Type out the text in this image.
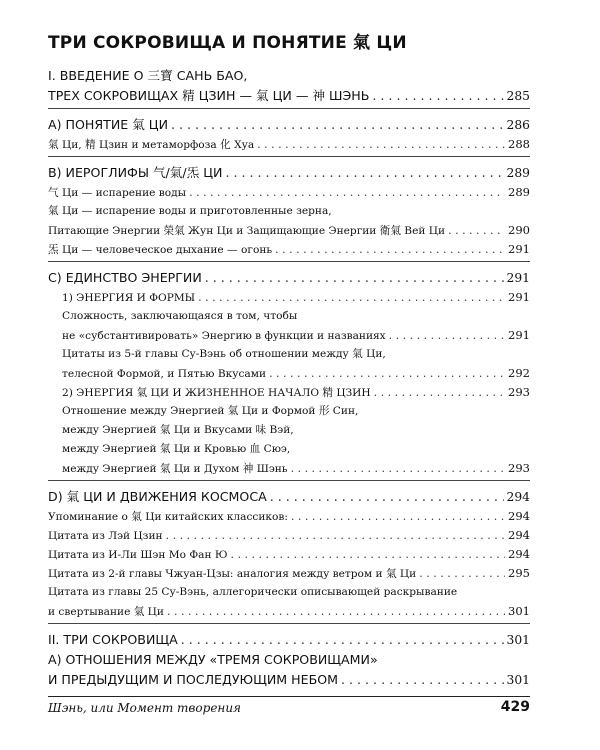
ТРИ СОКРОВИЩА И ПОНЯТИЕ 氣 ЦИ
I. ВВЕДЕНИЕ О 三寶 САНЬ БАО,
ТРЕХ СОКРОВИЩАХ 精 ЦЗИН — 氣 ЦИ — 神 ШЭНЬ . . .	285
A) ПОНЯТИЕ 氣 ЦИ . . .	286
氣 Ци, 精 Цзин и метаморфоза 化 Хуа . . .	288
B) ИЕРОГЛИФЫ 气/氣/炁 ЦИ . . .	289
气 Ци — испарение воды . . .	289
氣 Ци — испарение воды и приготовленные зерна,
Питающие Энергии 榮氣 Жун Ци и Защищающие Энергии 衛氣 Вей Ци . . .	290
炁 Ци — человеческое дыхание — огонь . . .	291
C) ЕДИНСТВО ЭНЕРГИИ . . .	291
1) ЭНЕРГИЯ И ФОРМЫ . . .	291
Сложность, заключающаяся в том, чтобы
не «субстантивировать» Энергию в функции и названиях . . .	291
Цитаты из 5-й главы Су-Вэнь об отношении между 氣 Ци,
телесной Формой, и Пятью Вкусами . . .	292
2) ЭНЕРГИЯ 氣 ЦИ И ЖИЗНЕННОЕ НАЧАЛО 精 ЦЗИН . . .	293
Отношение между Энергией 氣 Ци и Формой 形 Син,
между Энергией 氣 Ци и Вкусами 味 Вэй,
между Энергией 氣 Ци и Кровью 血 Сюэ,
между Энергией 氣 Ци и Духом 神 Шэнь . . .	293
D) 氣 ЦИ И ДВИЖЕНИЯ КОСМОСА . . .	294
Упоминание о 氣 Ци китайских классиков: . . .	294
Цитата из Лэй Цзин . . .	294
Цитата из И-Ли Шэн Мо Фан Ю . . .	294
Цитата из 2-й главы Чжуан-Цзы: аналогия между ветром и 氣 Ци . . .	295
Цитата из главы 25 Су-Вэнь, аллегорически описывающей раскрывание
и свертывание 氣 Ци . . .	301
II. ТРИ СОКРОВИЩА . . .	301
A) ОТНОШЕНИЯ МЕЖДУ «ТРЕМЯ СОКРОВИЩАМИ»
И ПРЕДЫДУЩИМ И ПОСЛЕДУЮЩИМ НЕБОМ . . .	301
Шэнь, или Момент творения	429
